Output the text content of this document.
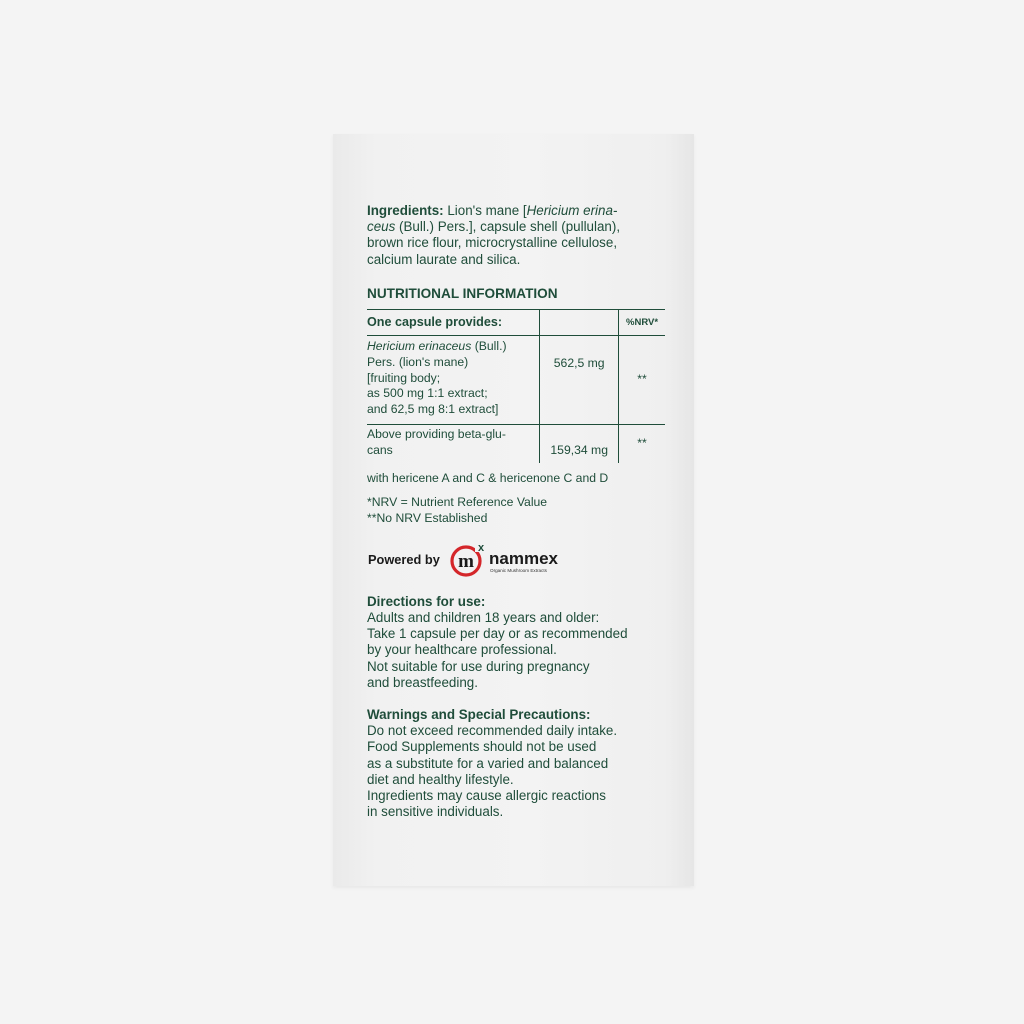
Ingredients: Lion's mane [Hericium erina-
ceus (Bull.) Pers.], capsule shell (pullulan),
brown rice flour, microcrystalline cellulose,
calcium laurate and silica.

NUTRITIONAL INFORMATION
One capsule provides:		%NRV*
Hericium erinaceus (Bull.)
Pers. (lion's mane)
[fruiting body;
as 500 mg 1:1 extract;
and 62,5 mg 8:1 extract]	562,5 mg	**
Above providing beta-glu-
cans	159,34 mg	**
with hericene A and C & hericenone C and D
*NRV = Nutrient Reference Value
**No NRV Established
Powered by
x
m nammex
Organic Mushroom Extracts
Directions for use:
Adults and children 18 years and older:
Take 1 capsule per day or as recommended
by your healthcare professional.
Not suitable for use during pregnancy
and breastfeeding.
Warnings and Special Precautions:
Do not exceed recommended daily intake.
Food Supplements should not be used
as a substitute for a varied and balanced
diet and healthy lifestyle.
Ingredients may cause allergic reactions
in sensitive individuals.
